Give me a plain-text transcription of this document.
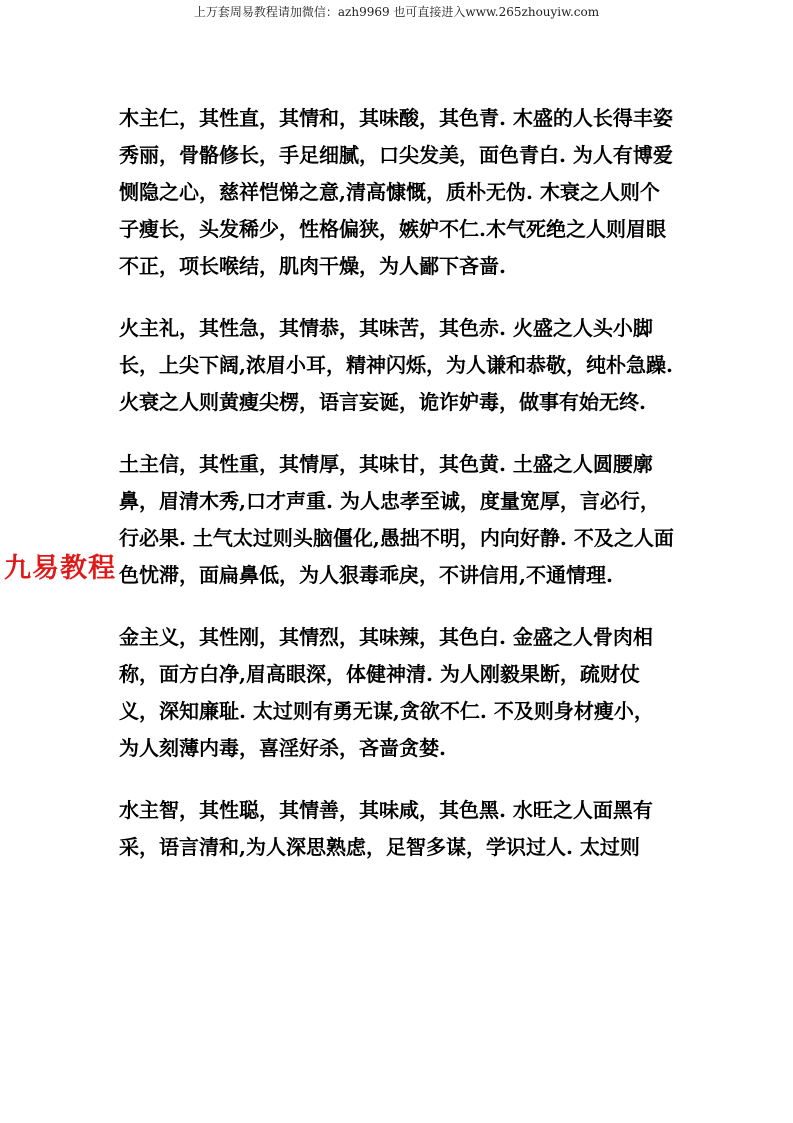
上万套周易教程请加微信：azh9969 也可直接进入www.265zhouyiw.com

木主仁，其性直，其情和，其味酸，其色青. 木盛的人长得丰姿秀丽，骨骼修长，手足细腻，口尖发美，面色青白. 为人有博爱恻隐之心，慈祥恺悌之意,清高慷慨，质朴无伪. 木衰之人则个子瘦长，头发稀少，性格偏狭，嫉妒不仁.木气死绝之人则眉眼不正，项长喉结，肌肉干燥，为人鄙下吝啬.

火主礼，其性急，其情恭，其味苦，其色赤. 火盛之人头小脚长，上尖下阔,浓眉小耳，精神闪烁，为人谦和恭敬，纯朴急躁. 火衰之人则黄瘦尖楞，语言妄诞，诡诈妒毒，做事有始无终.

土主信，其性重，其情厚，其味甘，其色黄. 土盛之人圆腰廓鼻，眉清木秀,口才声重. 为人忠孝至诚，度量宽厚，言必行，  行必果. 土气太过则头脑僵化,愚拙不明，内向好静. 不及之人面色忧滞，面扁鼻低，为人狠毒乖戾，不讲信用,不通情理.

金主义，其性刚，其情烈，其味辣，其色白. 金盛之人骨肉相称，面方白净,眉高眼深，体健神清. 为人刚毅果断，疏财仗义，深知廉耻. 太过则有勇无谋,贪欲不仁. 不及则身材瘦小，  为人刻薄内毒，喜淫好杀，吝啬贪婪.

水主智，其性聪，其情善，其味咸，其色黑. 水旺之人面黑有采，语言清和,为人深思熟虑，足智多谋，学识过人. 太过则

九易教程
